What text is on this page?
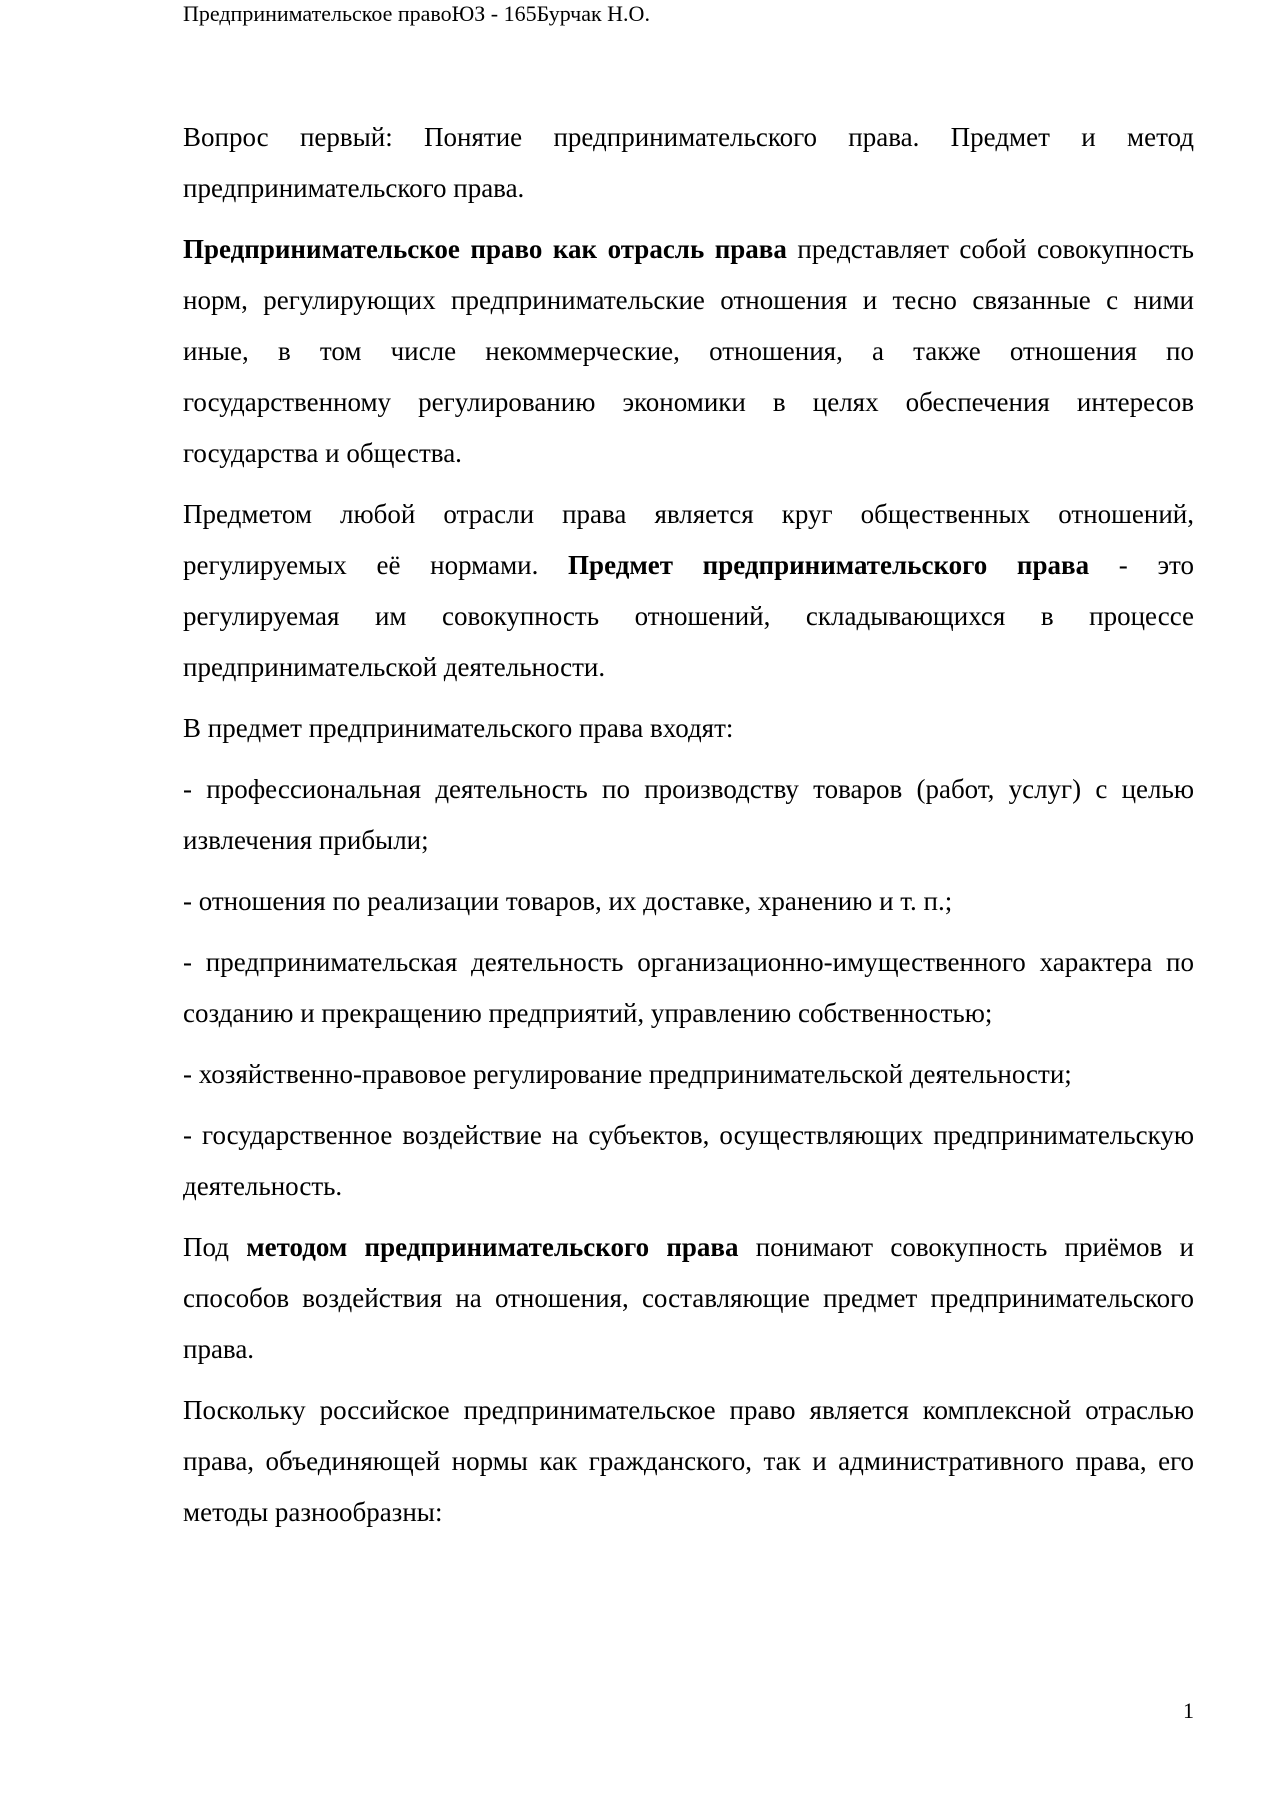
Предпринимательское правоЮЗ - 165Бурчак Н.О.

Вопрос первый: Понятие предпринимательского права. Предмет и метод предпринимательского права.

Предпринимательское право как отрасль права представляет собой совокупность норм, регулирующих предпринимательские отношения и тесно связанные с ними иные, в том числе некоммерческие, отношения, а также отношения по государственному регулированию экономики в целях обеспечения интересов государства и общества.

Предметом любой отрасли права является круг общественных отношений, регулируемых её нормами. Предмет предпринимательского права - это регулируемая им совокупность отношений, складывающихся в процессе предпринимательской деятельности.

В предмет предпринимательского права входят:

- профессиональная деятельность по производству товаров (работ, услуг) с целью извлечения прибыли;

- отношения по реализации товаров, их доставке, хранению и т. п.;

- предпринимательская деятельность организационно-имущественного характера по созданию и прекращению предприятий, управлению собственностью;

- хозяйственно-правовое регулирование предпринимательской деятельности;

- государственное воздействие на субъектов, осуществляющих предпринимательскую деятельность.

Под методом предпринимательского права понимают совокупность приёмов и способов воздействия на отношения, составляющие предмет предпринимательского права.

Поскольку российское предпринимательское право является комплексной отраслью права, объединяющей нормы как гражданского, так и административного права, его методы разнообразны:

1
